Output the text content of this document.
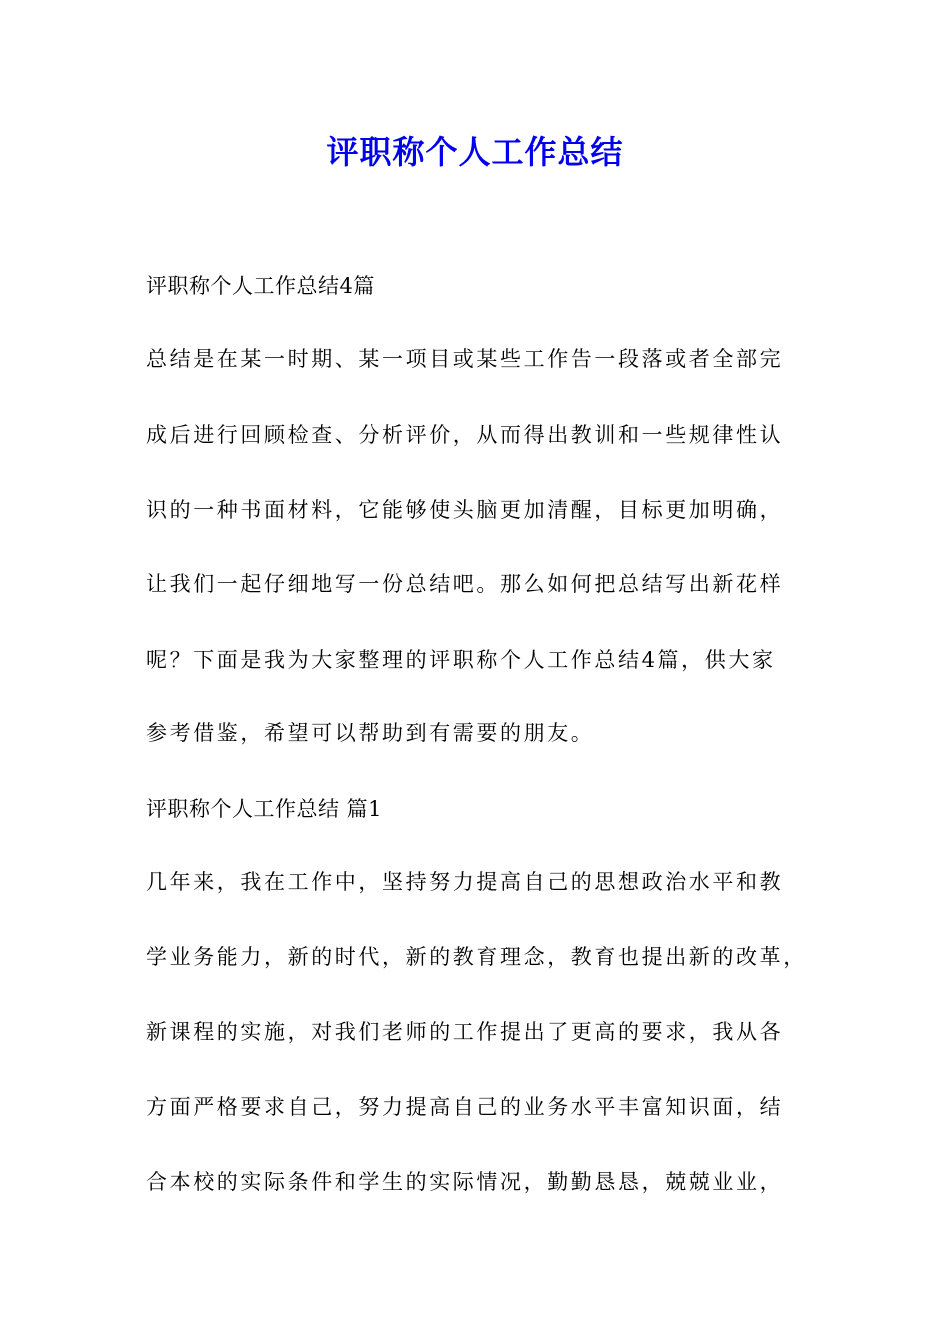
评职称个人工作总结

评职称个人工作总结4篇

总结是在某一时期、某一项目或某些工作告一段落或者全部完

成后进行回顾检查、分析评价，从而得出教训和一些规律性认

识的一种书面材料，它能够使头脑更加清醒，目标更加明确，

让我们一起仔细地写一份总结吧。那么如何把总结写出新花样

呢？下面是我为大家整理的评职称个人工作总结4篇，供大家

参考借鉴，希望可以帮助到有需要的朋友。

评职称个人工作总结 篇1

几年来，我在工作中，坚持努力提高自己的思想政治水平和教

学业务能力，新的时代，新的教育理念，教育也提出新的改革，

新课程的实施，对我们老师的工作提出了更高的要求，我从各

方面严格要求自己，努力提高自己的业务水平丰富知识面，结

合本校的实际条件和学生的实际情况，勤勤恳恳，兢兢业业，
